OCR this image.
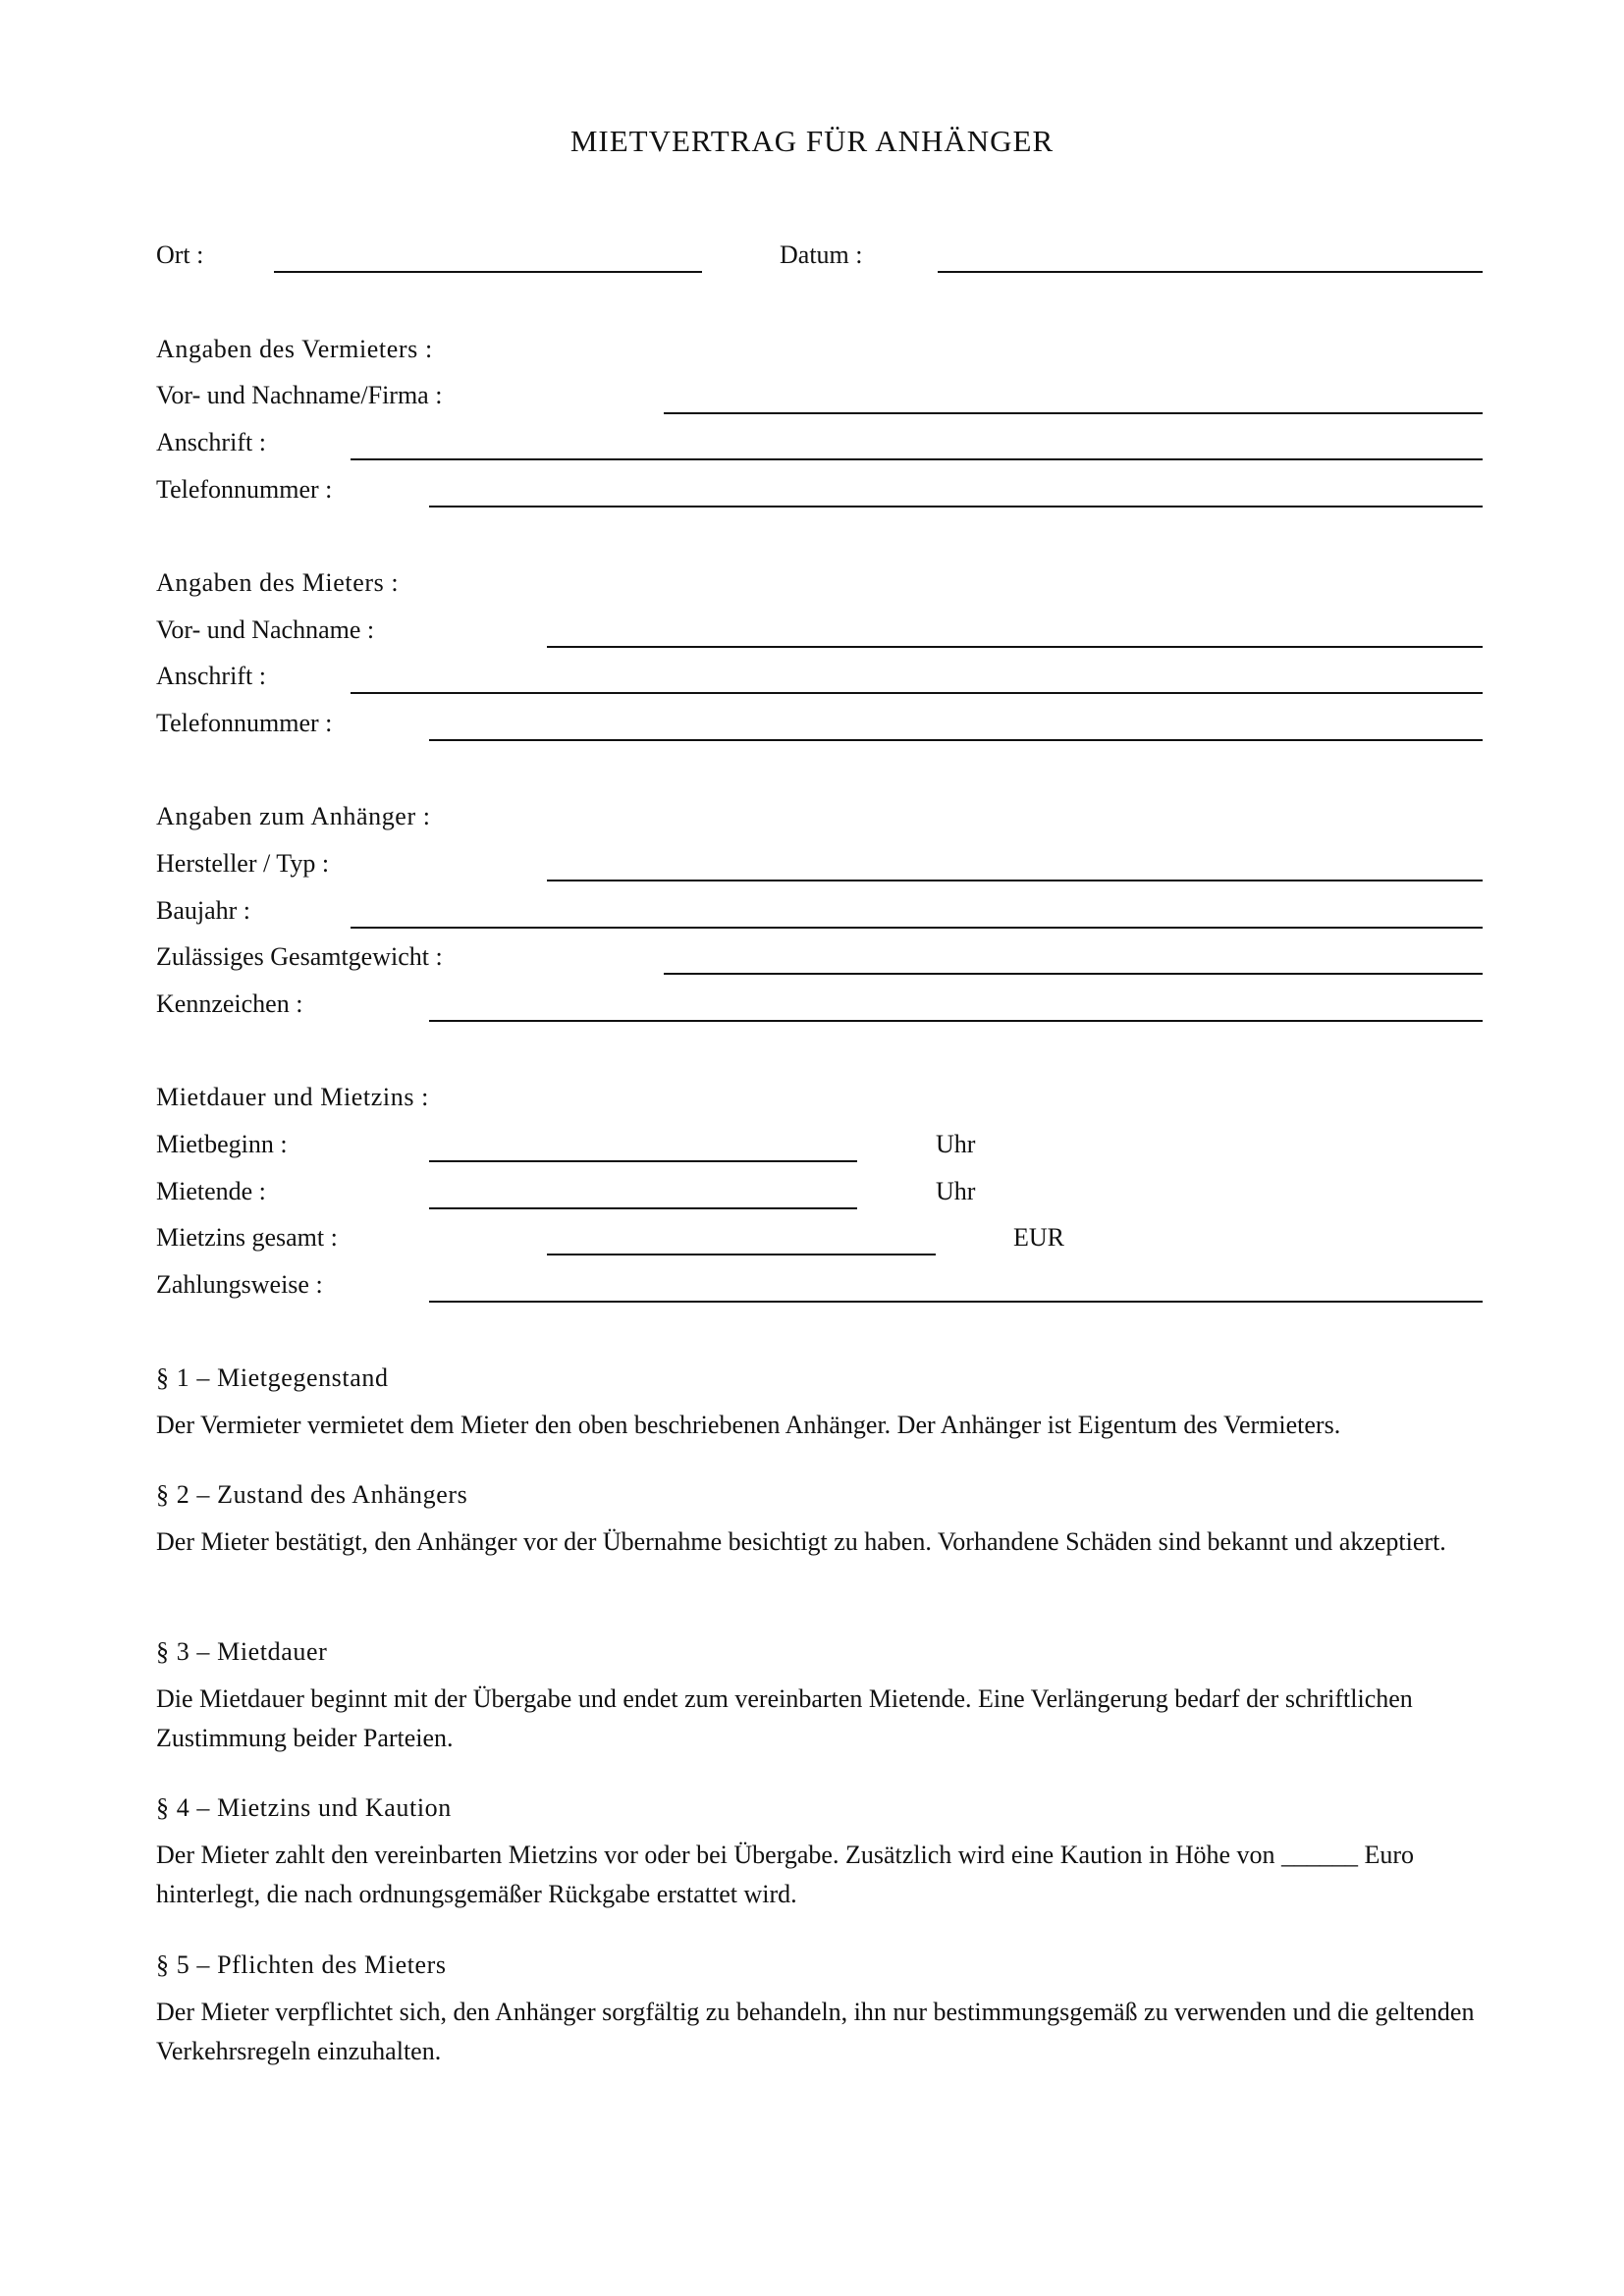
MIETVERTRAG FÜR ANHÄNGER
Ort :	Datum :
Angaben des Vermieters :
Vor- und Nachname/Firma :
Anschrift :
Telefonnummer :
Angaben des Mieters :
Vor- und Nachname :
Anschrift :
Telefonnummer :
Angaben zum Anhänger :
Hersteller / Typ :
Baujahr :
Zulässiges Gesamtgewicht :
Kennzeichen :
Mietdauer und Mietzins :
Mietbeginn :	Uhr
Mietende :	Uhr
Mietzins gesamt :	EUR
Zahlungsweise :
§ 1 – Mietgegenstand

Der Vermieter vermietet dem Mieter den oben beschriebenen Anhänger. Der Anhänger ist Eigentum des Vermieters.

§ 2 – Zustand des Anhängers

Der Mieter bestätigt, den Anhänger vor der Übernahme besichtigt zu haben. Vorhandene Schäden sind bekannt und akzeptiert.

§ 3 – Mietdauer

Die Mietdauer beginnt mit der Übergabe und endet zum vereinbarten Mietende. Eine Verlängerung bedarf der schriftlichen Zustimmung beider Parteien.

§ 4 – Mietzins und Kaution

Der Mieter zahlt den vereinbarten Mietzins vor oder bei Übergabe. Zusätzlich wird eine Kaution in Höhe von ______ Euro hinterlegt, die nach ordnungsgemäßer Rückgabe erstattet wird.

§ 5 – Pflichten des Mieters

Der Mieter verpflichtet sich, den Anhänger sorgfältig zu behandeln, ihn nur bestimmungsgemäß zu verwenden und die geltenden Verkehrsregeln einzuhalten.
